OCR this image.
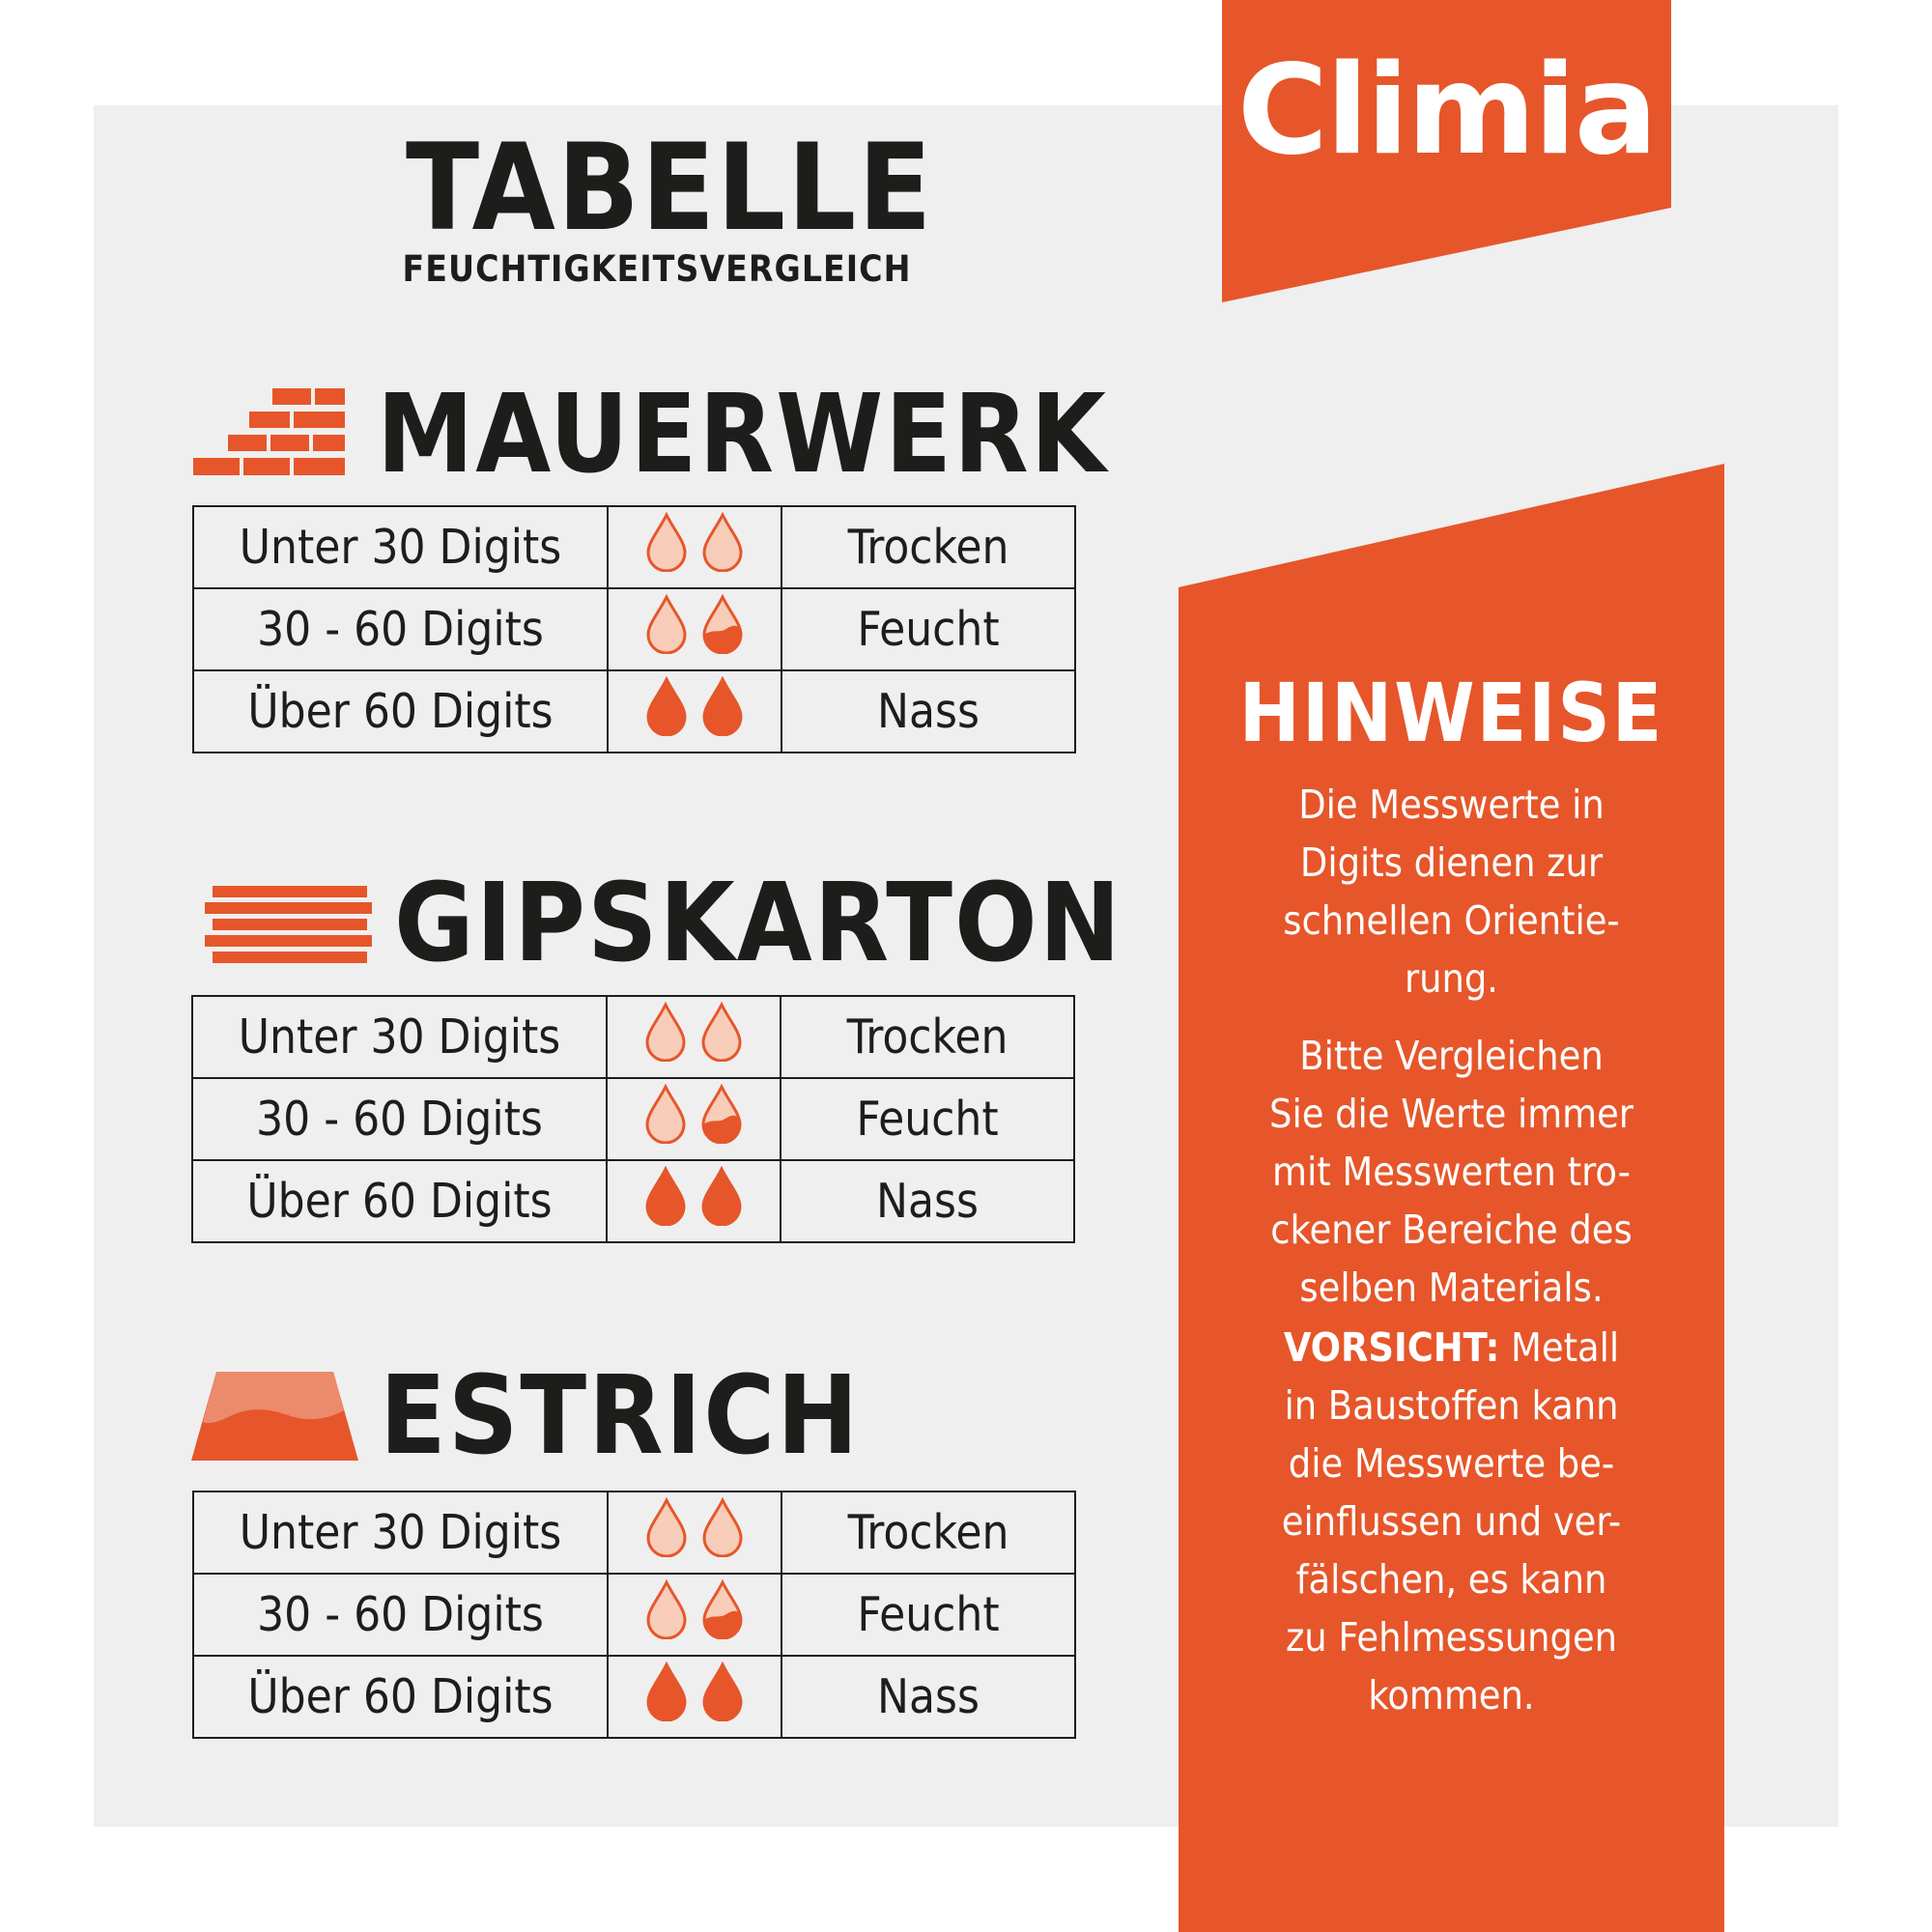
TABELLE
FEUCHTIGKEITSVERGLEICH
Climia
MAUERWERK
Unter 30 Digits		Trocken
30 - 60 Digits		Feucht
Über 60 Digits		Nass
GIPSKARTON
Unter 30 Digits		Trocken
30 - 60 Digits		Feucht
Über 60 Digits		Nass
ESTRICH
Unter 30 Digits		Trocken
30 - 60 Digits		Feucht
Über 60 Digits		Nass
HINWEISE

Die Messwerte in
Digits dienen zur
schnellen Orientie-
rung.

Bitte Vergleichen
Sie die Werte immer
mit Messwerten tro-
ckener Bereiche des
selben Materials.

VORSICHT: Metall
in Baustoffen kann
die Messwerte be-
einflussen und ver-
fälschen, es kann
zu Fehlmessungen
kommen.
